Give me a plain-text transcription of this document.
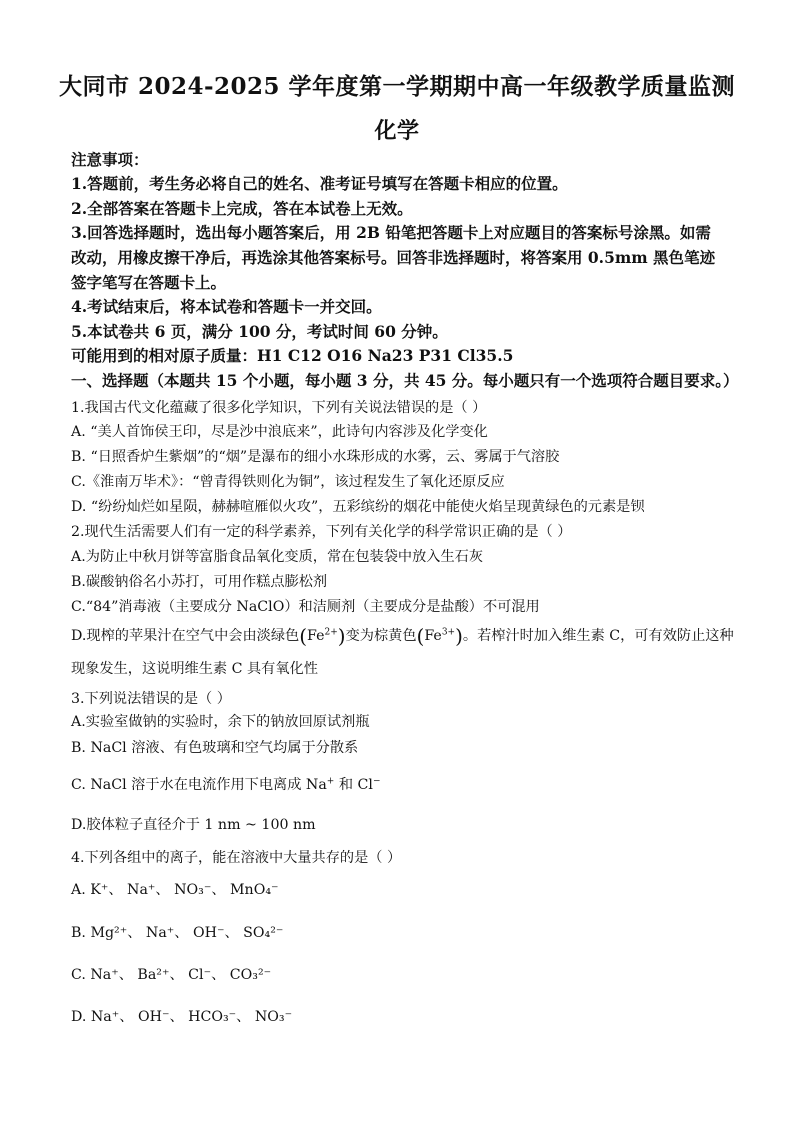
大同市 2024-2025 学年度第一学期期中高一年级教学质量监测
化学
注意事项：
1.答题前，考生务必将自己的姓名、准考证号填写在答题卡相应的位置。
2.全部答案在答题卡上完成，答在本试卷上无效。
3.回答选择题时，选出每小题答案后，用 2B 铅笔把答题卡上对应题目的答案标号涂黑。如需
改动，用橡皮擦干净后，再选涂其他答案标号。回答非选择题时，将答案用 0.5mm 黑色笔迹
签字笔写在答题卡上。
4.考试结束后，将本试卷和答题卡一并交回。
5.本试卷共 6 页，满分 100 分，考试时间 60 分钟。
可能用到的相对原子质量：H1 C12 O16 Na23 P31 Cl35.5
一、选择题（本题共 15 个小题，每小题 3 分，共 45 分。每小题只有一个选项符合题目要求。）
1.我国古代文化蕴藏了很多化学知识，下列有关说法错误的是（ ）
A. “美人首饰侯王印，尽是沙中浪底来”，此诗句内容涉及化学变化
B. “日照香炉生紫烟”的“烟”是瀑布的细小水珠形成的水雾，云、雾属于气溶胶
C.《淮南万毕术》：“曾青得铁则化为铜”，该过程发生了氧化还原反应
D. “纷纷灿烂如星陨，赫赫喧雁似火攻”，五彩缤纷的烟花中能使火焰呈现黄绿色的元素是钡
2.现代生活需要人们有一定的科学素养，下列有关化学的科学常识正确的是（ ）
A.为防止中秋月饼等富脂食品氧化变质，常在包装袋中放入生石灰
B.碳酸钠俗名小苏打，可用作糕点膨松剂
C.“84”消毒液（主要成分 NaClO）和洁厕剂（主要成分是盐酸）不可混用
D.现榨的苹果汁在空气中会由淡绿色$(Fe^{2+})$变为棕黄色$(Fe^{3+})$。若榨汁时加入维生素 C，可有效防止这种
现象发生，这说明维生素 C 具有氧化性
3.下列说法错误的是（ ）
A.实验室做钠的实验时，余下的钠放回原试剂瓶
B. NaCl 溶液、有色玻璃和空气均属于分散系
C. NaCl 溶于水在电流作用下电离成 Na+ 和 Cl−
D.胶体粒子直径介于 1 nm ~ 100 nm
4.下列各组中的离子，能在溶液中大量共存的是（ ）
A. K⁺、 Na⁺、 NO₃⁻、 MnO₄⁻
B. Mg²⁺、 Na⁺、 OH⁻、 SO₄²⁻
C. Na⁺、 Ba²⁺、 Cl⁻、 CO₃²⁻
D. Na⁺、 OH⁻、 HCO₃⁻、 NO₃⁻
